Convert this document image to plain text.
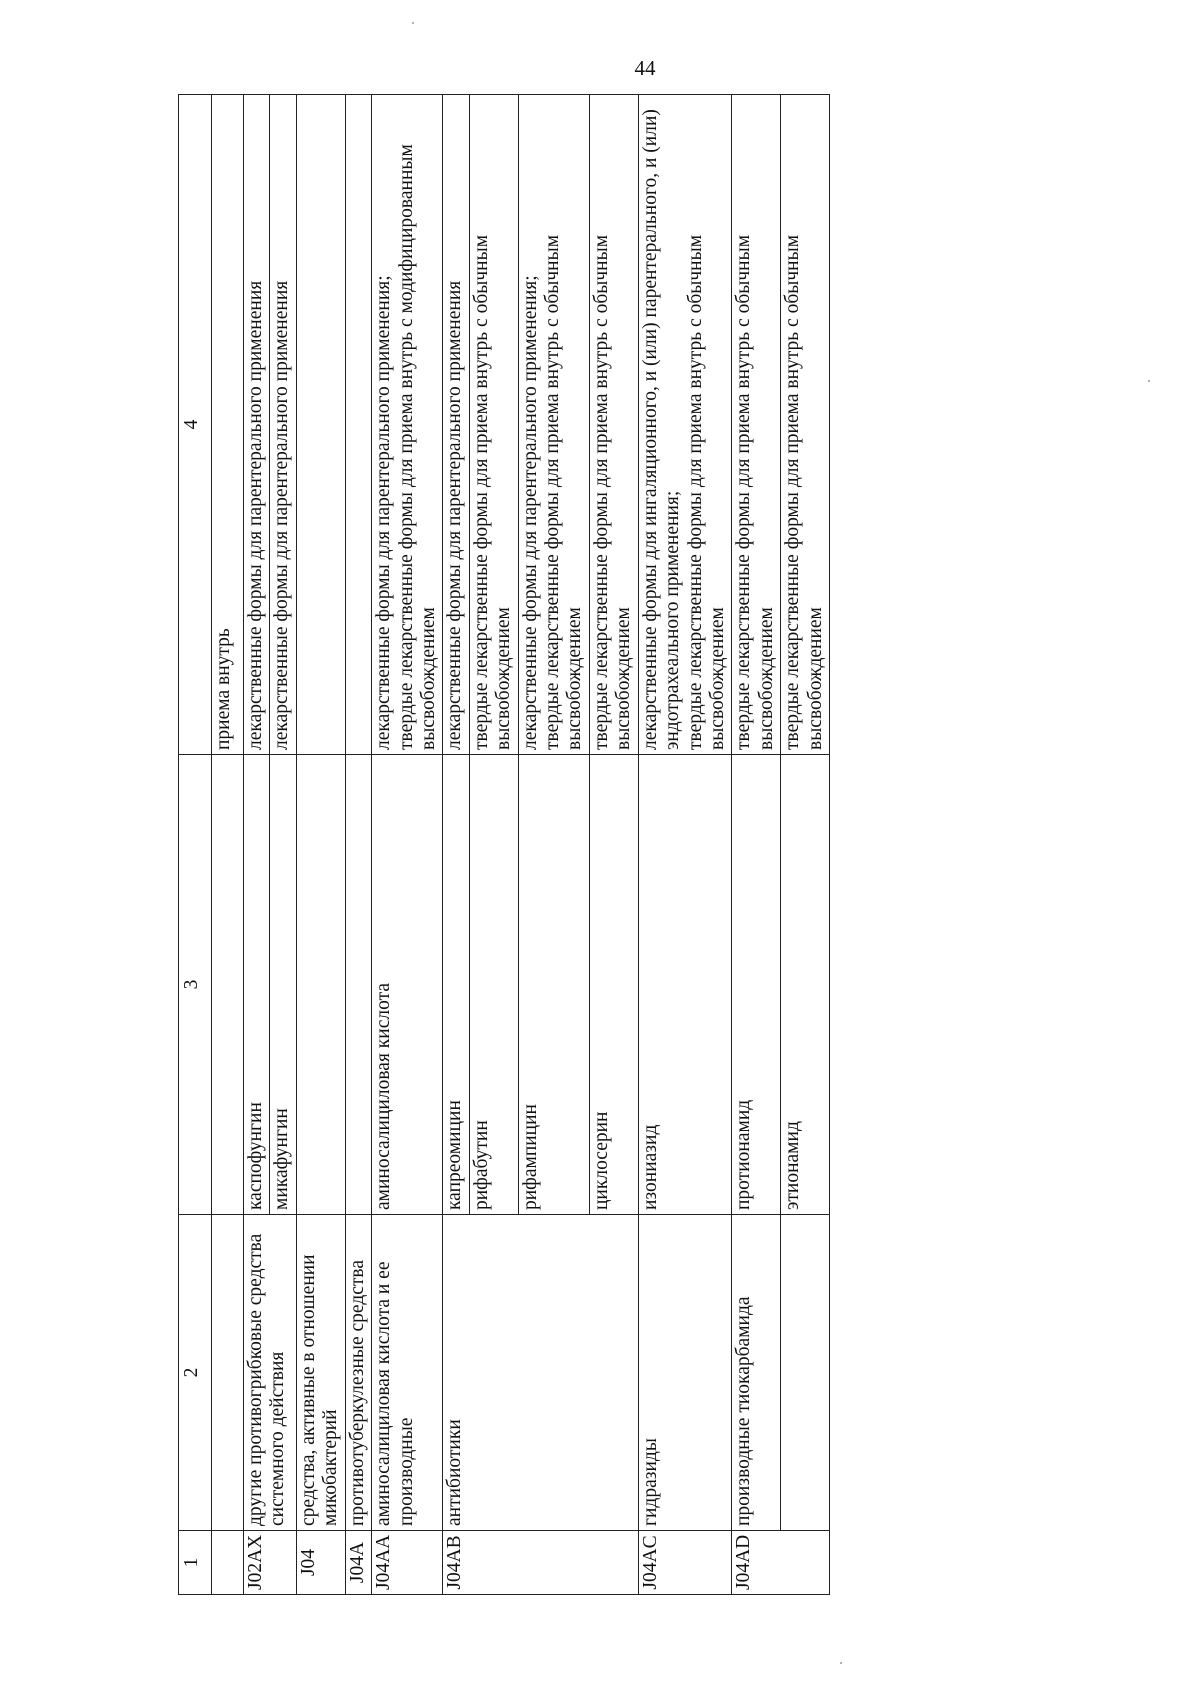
44
1	2	3	4
			приема внутрь
J02AX	другие противогрибковые средства системного действия	каспофунгин	лекарственные формы для парентерального применения
		микафунгин	лекарственные формы для парентерального применения
J04	средства, активные в отношении микобактерий		
J04A	противотуберкулезные средства		
J04AA	аминосалициловая кислота и ее производные	аминосалициловая кислота	лекарственные формы для парентерального применения; твердые лекарственные формы для приема внутрь с модифицированным высвобождением

J04AB	антибиотики	капреомицин	лекарственные формы для парентерального применения
		рифабутин	твердые лекарственные формы для приема внутрь с обычным высвобождением
		рифампицин	лекарственные формы для парентерального применения; твердые лекарственные формы для приема внутрь с обычным высвобождением

		циклосерин	твердые лекарственные формы для приема внутрь с обычным высвобождением
J04AC	гидразиды	изониазид	лекарственные формы для ингаляционного, и (или) парентерального, и (или) эндотрахеального применения; твердые лекарственные формы для приема внутрь с обычным высвобождением

J04AD	производные тиокарбамида	протионамид	твердые лекарственные формы для приема внутрь с обычным высвобождением
		этионамид	твердые лекарственные формы для приема внутрь с обычным высвобождением
